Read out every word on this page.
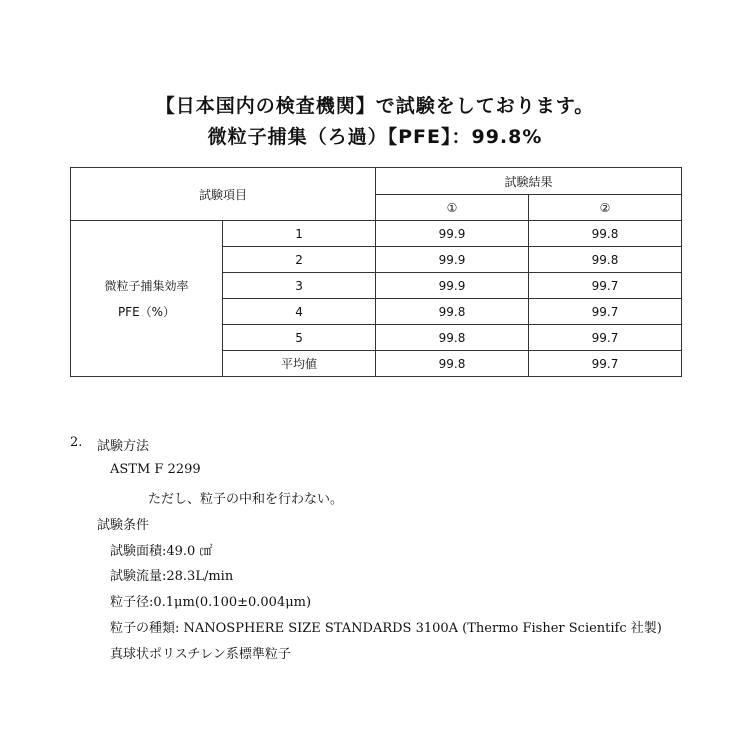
【日本国内の検査機関】で試験をしております。
微粒子捕集（ろ過）【PFE】：99.8%
試験項目		試験結果	
		①	②

微粒子捕集効率
PFE（%）	1	99.9	99.8
	2	99.9	99.8
	3	99.9	99.7
	4	99.8	99.7
	5	99.8	99.7
	平均値	99.8	99.7
2. 試験方法
ASTM F 2299
ただし、粒子の中和を行わない。
試験条件
試験面積:49.0 ㎠
試験流量:28.3L/min
粒子径:0.1μm(0.100±0.004μm)
粒子の種類: NANOSPHERE SIZE STANDARDS 3100A (Thermo Fisher Scientifc 社製)
真球状ポリスチレン系標準粒子
